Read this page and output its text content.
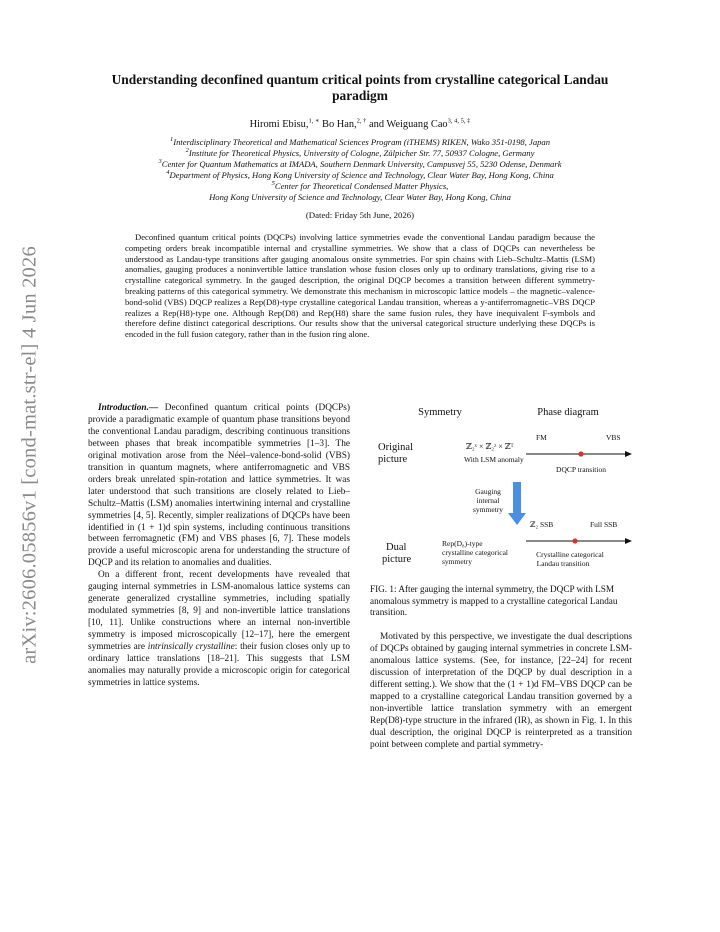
arXiv:2606.05856v1 [cond-mat.str-el] 4 Jun 2026
Understanding deconfined quantum critical points from crystalline categorical Landau paradigm
Hiromi Ebisu,$^{1, ∗}$ Bo Han,$^{2, \dagger}$ and Weiguang Cao$^{3, 4, 5, \ddagger}$
$^1$Interdisciplinary Theoretical and Mathematical Sciences Program (iTHEMS) RIKEN, Wako 351-0198, Japan
$^2$Institute for Theoretical Physics, University of Cologne, Zülpicher Str. 77, 50937 Cologne, Germany
$^3$Center for Quantum Mathematics at IMADA, Southern Denmark University, Campusvej 55, 5230 Odense, Denmark
$^4$Department of Physics, Hong Kong University of Science and Technology, Clear Water Bay, Hong Kong, China
$^5$Center for Theoretical Condensed Matter Physics,
Hong Kong University of Science and Technology, Clear Water Bay, Hong Kong, China
(Dated: Friday 5th June, 2026)
Deconfined quantum critical points (DQCPs) involving lattice symmetries evade the conventional Landau paradigm because the competing orders break incompatible internal and crystalline symmetries. We show that a class of DQCPs can nevertheless be understood as Landau-type transitions after gauging anomalous onsite symmetries. For spin chains with Lieb–Schultz–Mattis (LSM) anomalies, gauging produces a noninvertible lattice translation whose fusion closes only up to ordinary translations, giving rise to a crystalline categorical symmetry. In the gauged description, the original DQCP becomes a transition between different symmetry-breaking patterns of this categorical symmetry. We demonstrate this mechanism in microscopic lattice models – the magnetic–valence-bond-solid (VBS) DQCP realizes a Rep(D8)-type crystalline categorical Landau transition, whereas a y-antiferromagnetic–VBS DQCP realizes a Rep(H8)-type one. Although Rep(D8) and Rep(H8) share the same fusion rules, they have inequivalent F-symbols and therefore define distinct categorical descriptions. Our results show that the universal categorical structure underlying these DQCPs is encoded in the full fusion category, rather than in the fusion ring alone.

Introduction.— Deconfined quantum critical points (DQCPs) provide a paradigmatic example of quantum phase transitions beyond the conventional Landau paradigm, describing continuous transitions between phases that break incompatible symmetries [1–3]. The original motivation arose from the Néel–valence-bond-solid (VBS) transition in quantum magnets, where antiferromagnetic and VBS orders break unrelated spin-rotation and lattice symmetries. It was later understood that such transitions are closely related to Lieb–Schultz–Mattis (LSM) anomalies intertwining internal and crystalline symmetries [4, 5]. Recently, simpler realizations of DQCPs have been identified in (1 + 1)d spin systems, including continuous transitions between ferromagnetic (FM) and VBS phases [6, 7]. These models provide a useful microscopic arena for understanding the structure of DQCP and its relation to anomalies and dualities.

On a different front, recent developments have revealed that gauging internal symmetries in LSM-anomalous lattice systems can generate generalized crystalline symmetries, including spatially modulated symmetries [8, 9] and non-invertible lattice translations [10, 11]. Unlike constructions where an internal non-invertible symmetry is imposed microscopically [12–17], here the emergent symmetries are intrinsically crystalline: their fusion closes only up to ordinary lattice translations [18–21]. This suggests that LSM anomalies may naturally provide a microscopic origin for categorical symmetries in lattice systems.

Symmetry	Phase diagram
Original
picture
ℤ₂ˣ × ℤ₂ᶻ × ℤᵀ
With LSM anomaly
FM	VBS
DQCP transition
Gauging
internal
symmetry
Dual
picture
Rep(D₈)-type
crystalline categorical
symmetry
ℤ₂ SSB	Full SSB
Crystalline categorical
Landau transition
FIG. 1: After gauging the internal symmetry, the DQCP with LSM anomalous symmetry is mapped to a crystalline categorical Landau transition.

Motivated by this perspective, we investigate the dual descriptions of DQCPs obtained by gauging internal symmetries in concrete LSM-anomalous lattice systems. (See, for instance, [22–24] for recent discussion of interpretation of the DQCP by dual description in a different setting.). We show that the (1 + 1)d FM–VBS DQCP can be mapped to a crystalline categorical Landau transition governed by a non-invertible lattice translation symmetry with an emergent Rep(D8)-type structure in the infrared (IR), as shown in Fig. 1. In this dual description, the original DQCP is reinterpreted as a transition point between complete and partial symmetry-
